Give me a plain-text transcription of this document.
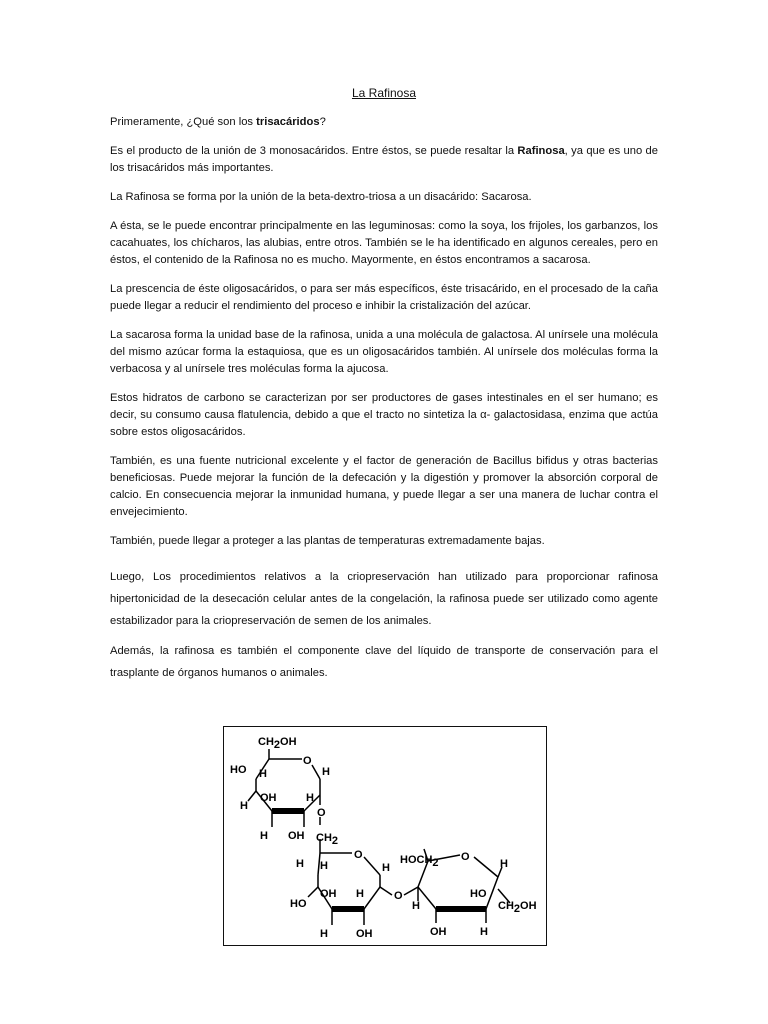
La Rafinosa

Primeramente, ¿Qué son los trisacáridos?

Es el producto de la unión de 3 monosacáridos. Entre éstos, se puede resaltar la Rafinosa, ya que es uno de los trisacáridos más importantes.

La Rafinosa se forma por la unión de la beta-dextro-triosa a un disacárido: Sacarosa.

A ésta, se le puede encontrar principalmente en las leguminosas: como la soya, los frijoles, los garbanzos, los cacahuates, los chícharos, las alubias, entre otros. También se le ha identificado en algunos cereales, pero en éstos, el contenido de la Rafinosa no es mucho. Mayormente, en éstos encontramos a sacarosa.

La prescencia de éste oligosacáridos, o para ser más específicos, éste trisacárido, en el procesado de la caña puede llegar a reducir el rendimiento del proceso e inhibir la cristalización del azúcar.

La sacarosa forma la unidad base de la rafinosa, unida a una molécula de galactosa. Al unírsele una molécula del mismo azúcar forma la estaquiosa, que es un oligosacáridos también. Al unírsele dos moléculas forma la verbacosa y al unírsele tres moléculas forma la ajucosa.

Estos hidratos de carbono se caracterizan por ser productores de gases intestinales en el ser humano; es decir, su consumo causa flatulencia, debido a que el tracto no sintetiza la α- galactosidasa, enzima que actúa sobre estos oligosacáridos.

También, es una fuente nutricional excelente y el factor de generación de Bacillus bifidus y otras bacterias beneficiosas. Puede mejorar la función de la defecación y la digestión y promover la absorción corporal de calcio. En consecuencia mejorar la inmunidad humana, y puede llegar a ser una manera de luchar contra el envejecimiento.

También, puede llegar a proteger a las plantas de temperaturas extremadamente bajas.

Luego, Los procedimientos relativos a la criopreservación han utilizado para proporcionar rafinosa hipertonicidad de la desecación celular antes de la congelación, la rafinosa puede ser utilizado como agente estabilizador para la criopreservación de semen de los animales.

Además, la rafinosa es también el componente clave del líquido de transporte de conservación para el trasplante de órganos humanos o animales.

CH2OH
O
HO H	H
H
OH	H
O
H OH CH2
O
H H	H
HO
OH H	O
H	OH
HOCH2 O
H
HO
CH2OH
H
OH	H
